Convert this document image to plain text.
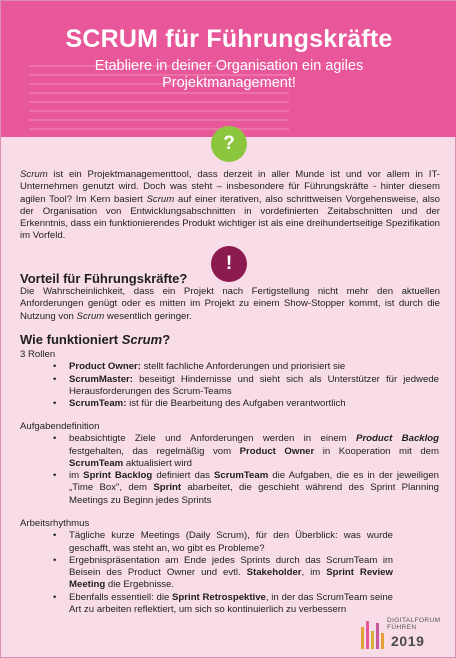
SCRUM für Führungskräfte
Etabliere in deiner Organisation ein agiles Projektmanagement!
?
Scrum ist ein Projektmanagementtool, dass derzeit in aller Munde ist und vor allem in IT-Unternehmen genutzt wird. Doch was steht – insbesondere für Führungskräfte - hinter diesem agilen Tool? Im Kern basiert Scrum auf einer iterativen, also schrittweisen Vorgehensweise, also der Organisation von Entwicklungsabschnitten in vordefinierten Zeitabschnitten und der Erkenntnis, dass ein funktionierendes Produkt wichtiger ist als eine dreihundertseitige Spezifikation im Vorfeld.
!
Vorteil für Führungskräfte?
Die Wahrscheinlichkeit, dass ein Projekt nach Fertigstellung nicht mehr den aktuellen Anforderungen genügt oder es mitten im Projekt zu einem Show-Stopper kommt, ist durch die Nutzung von Scrum wesentlich geringer.
Wie funktioniert Scrum?
3 Rollen
• Product Owner: stellt fachliche Anforderungen und priorisiert sie
• ScrumMaster: beseitigt Hindernisse und sieht sich als Unterstützer für jedwede Herausforderungen des Scrum-Teams
• ScrumTeam: ist für die Bearbeitung des Aufgaben verantwortlich
Aufgabendefinition
• beabsichtigte Ziele und Anforderungen werden in einem Product Backlog festgehalten, das regelmäßig vom Product Owner in Kooperation mit dem ScrumTeam aktualisiert wird
• im Sprint Backlog definiert das ScrumTeam die Aufgaben, die es in der jeweiligen „Time Box", dem Sprint abarbeitet, die geschieht während des Sprint Planning Meetings zu Beginn jedes Sprints
Arbeitsrhythmus
• Tägliche kurze Meetings (Daily Scrum), für den Überblick: was wurde geschafft, was steht an, wo gibt es Probleme?
• Ergebnispräsentation am Ende jedes Sprints durch das ScrumTeam im Beisein des Product Owner und evtl. Stakeholder, im Sprint Review Meeting die Ergebnisse.
• Ebenfalls essentiell: die Sprint Retrospektive, in der das ScrumTeam seine Art zu arbeiten reflektiert, um sich so kontinuierlich zu verbessern
DIGITALFORUM
FÜHREN
2019
